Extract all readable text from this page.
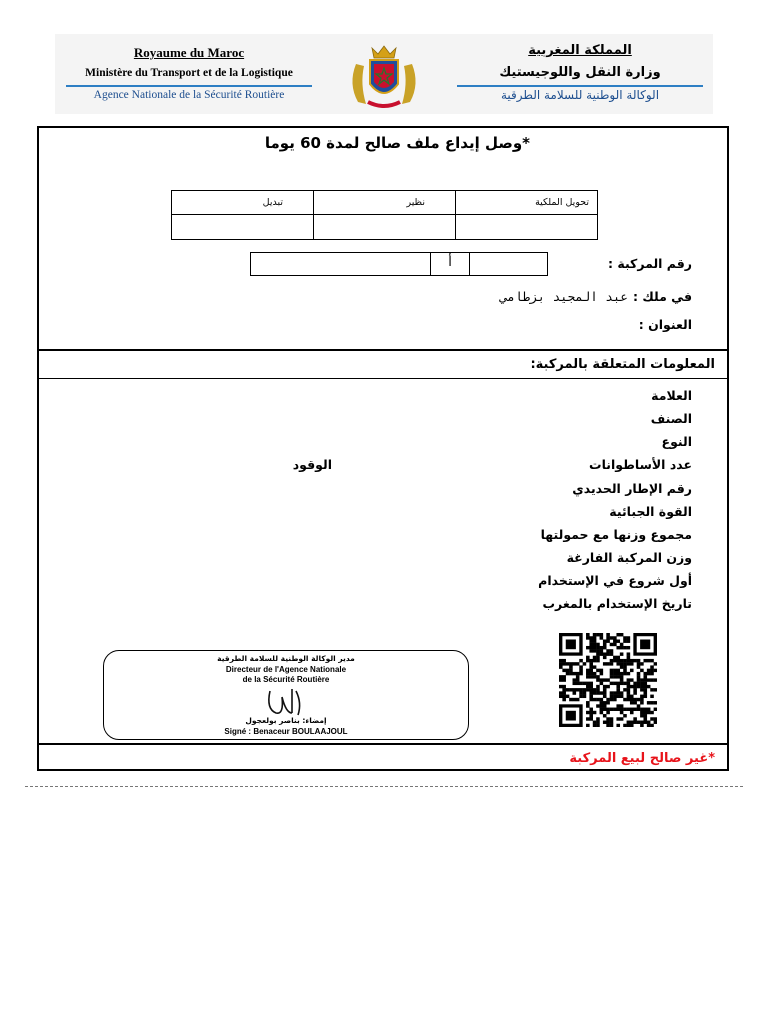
Royaume du Maroc
Ministère du Transport et de la Logistique
Agence Nationale de la Sécurité Routière
المملكة المغربية
وزارة النقل واللوجيستيك
الوكالة الوطنية للسلامة الطرقية
*وصل إيداع ملف صالح لمدة 60 يوما
تحويل الملكية
نظير
تبديل
رقم المركبة :
أ
في ملك : عبد المجيد بزطامي
العنوان :
المعلومات المتعلقة بالمركبة:
العلامة
الصنف
النوع
عدد الأساطوانات
رقم الإطار الحديدي
القوة الجبائية
مجموع وزنها مع حمولتها
وزن المركبة الفارغة
أول شروع في الإستخدام
تاريخ الإستخدام بالمغرب
الوقود
مدير الوكالة الوطنية للسلامة الطرقية
Directeur de l'Agence Nationale
de la Sécurité Routière
إمضاء: بناصر بولعجول
Signé : Benaceur BOULAAJOUL
*غير صالح لبيع المركبة
